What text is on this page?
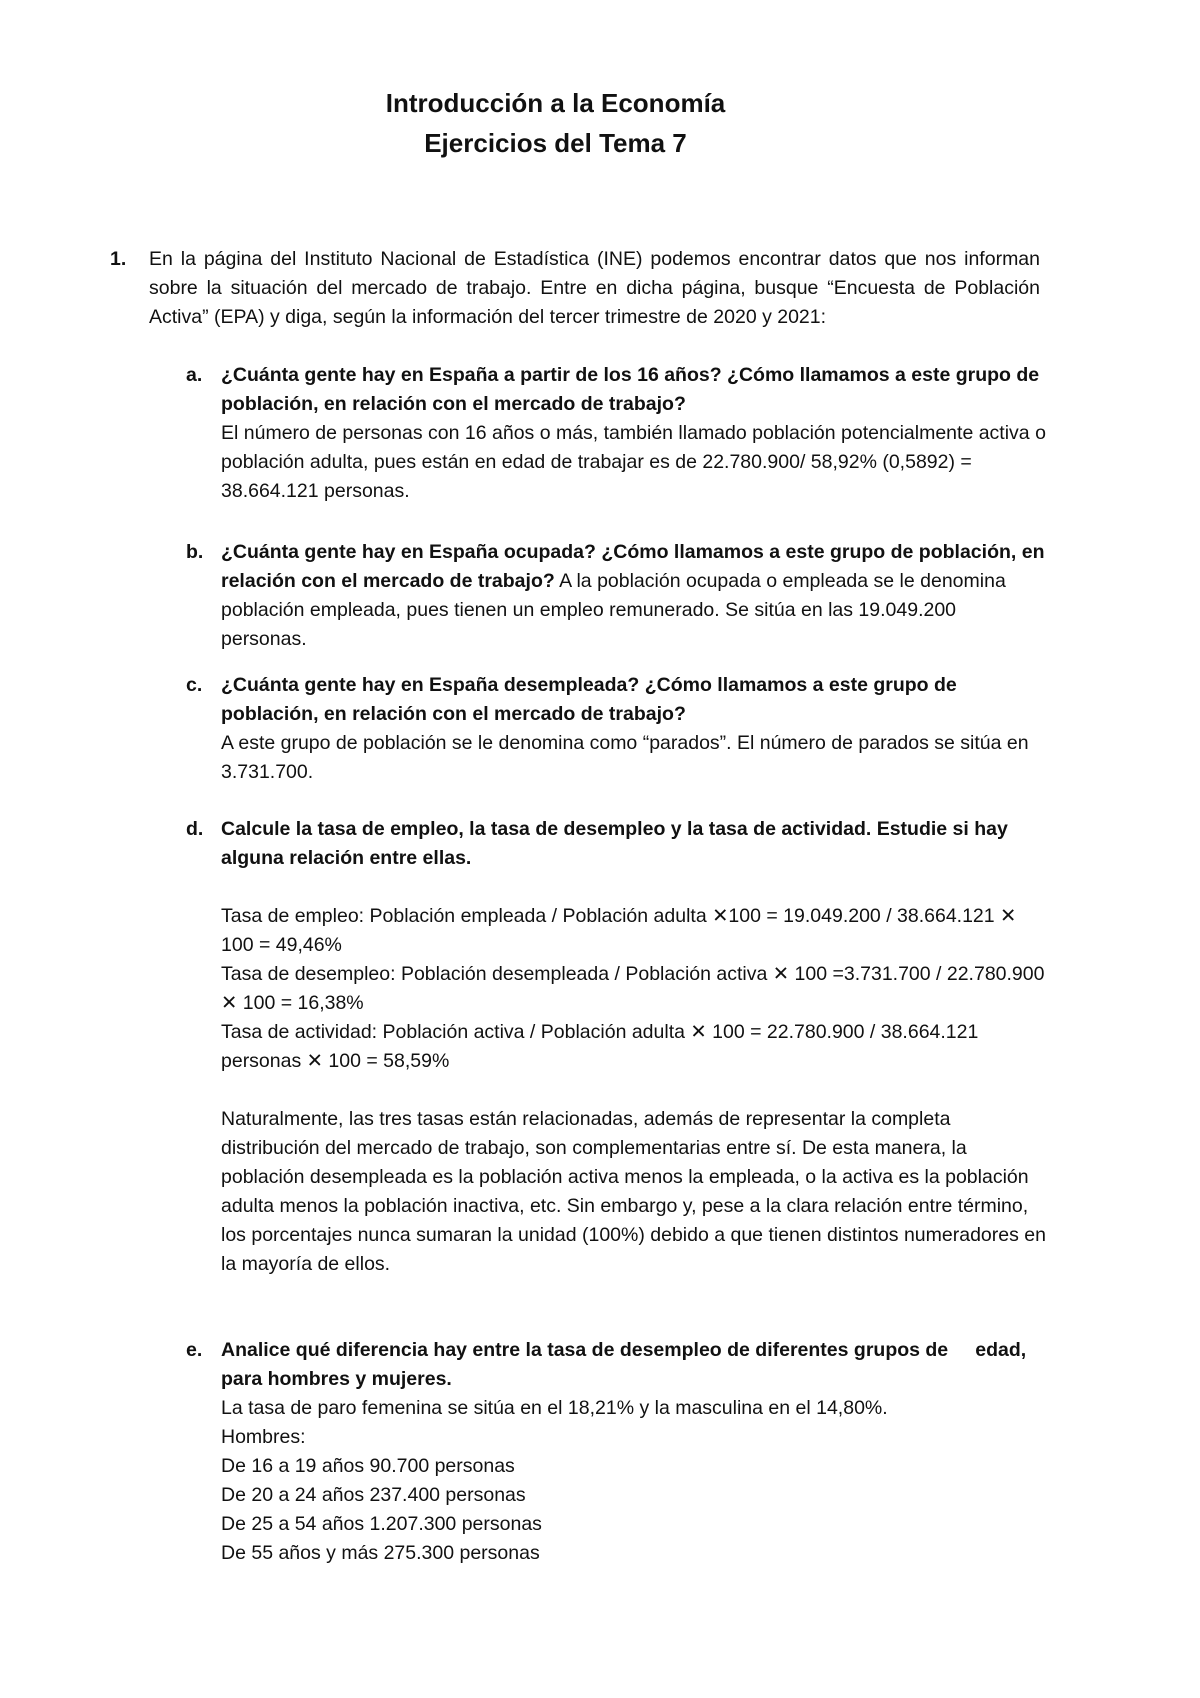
Introducción a la Economía
Ejercicios del Tema 7
1. En la página del Instituto Nacional de Estadística (INE) podemos encontrar datos que nos informan sobre la situación del mercado de trabajo. Entre en dicha página, busque “Encuesta de Población Activa” (EPA) y diga, según la información del tercer trimestre de 2020 y 2021:
a. ¿Cuánta gente hay en España a partir de los 16 años? ¿Cómo llamamos a este grupo de población, en relación con el mercado de trabajo?
El número de personas con 16 años o más, también llamado población potencialmente activa o población adulta, pues están en edad de trabajar es de 22.780.900/ 58,92% (0,5892) = 38.664.121 personas.
b. ¿Cuánta gente hay en España ocupada? ¿Cómo llamamos a este grupo de población, en relación con el mercado de trabajo? A la población ocupada o empleada se le denomina población empleada, pues tienen un empleo remunerado. Se sitúa en las 19.049.200 personas.
c. ¿Cuánta gente hay en España desempleada? ¿Cómo llamamos a este grupo de población, en relación con el mercado de trabajo?
A este grupo de población se le denomina como “parados”. El número de parados se sitúa en 3.731.700.
d. Calcule la tasa de empleo, la tasa de desempleo y la tasa de actividad. Estudie si hay alguna relación entre ellas.
Tasa de empleo: Población empleada / Población adulta ✕100 = 19.049.200 / 38.664.121 ✕ 100 = 49,46%
Tasa de desempleo: Población desempleada / Población activa ✕ 100 =3.731.700 / 22.780.900 ✕ 100 = 16,38%
Tasa de actividad: Población activa / Población adulta ✕ 100 = 22.780.900 / 38.664.121 personas ✕ 100 = 58,59%
Naturalmente, las tres tasas están relacionadas, además de representar la completa distribución del mercado de trabajo, son complementarias entre sí. De esta manera, la población desempleada es la población activa menos la empleada, o la activa es la población adulta menos la población inactiva, etc. Sin embargo y, pese a la clara relación entre término, los porcentajes nunca sumaran la unidad (100%) debido a que tienen distintos numeradores en la mayoría de ellos.
e. Analice qué diferencia hay entre la tasa de desempleo de diferentes grupos de     edad, para hombres y mujeres.
La tasa de paro femenina se sitúa en el 18,21% y la masculina en el 14,80%.
Hombres:
De 16 a 19 años 90.700 personas
De 20 a 24 años 237.400 personas
De 25 a 54 años 1.207.300 personas
De 55 años y más 275.300 personas
